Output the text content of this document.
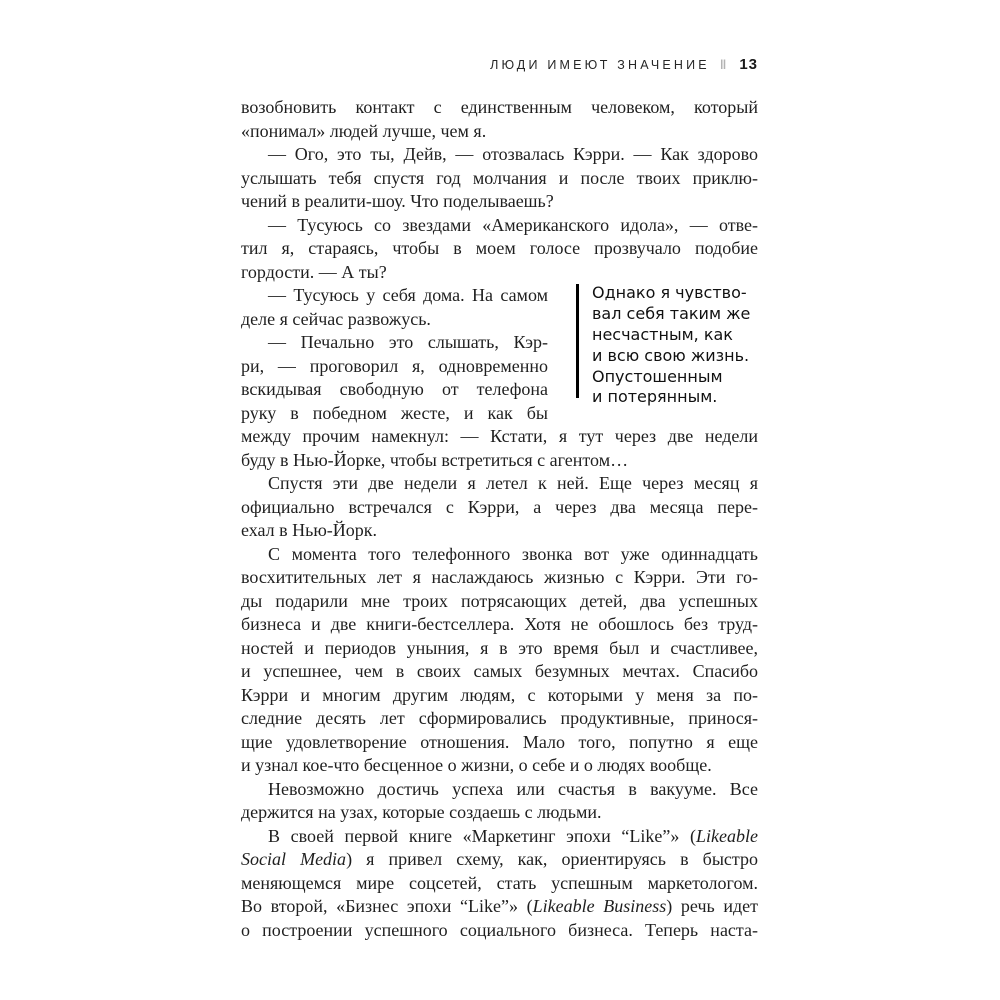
ЛЮДИ ИМЕЮТ ЗНАЧЕНИЕ ‖ 13
возобновить контакт с единственным человеком, который
«понимал» людей лучше, чем я.
— Ого, это ты, Дейв, — отозвалась Кэрри. — Как здорово
услышать тебя спустя год молчания и после твоих приклю-
чений в реалити-шоу. Что поделываешь?
— Тусуюсь со звездами «Американского идола», — отве-
тил я, стараясь, чтобы в моем голосе прозвучало подобие
гордости. — А ты?
— Тусуюсь у себя дома. На самом
деле я сейчас развожусь.
— Печально это слышать, Кэр-
ри, — проговорил я, одновременно
вскидывая свободную от телефона
руку в победном жесте, и как бы
между прочим намекнул: — Кстати, я тут через две недели
буду в Нью-Йорке, чтобы встретиться с агентом…
Спустя эти две недели я летел к ней. Еще через месяц я
официально встречался с Кэрри, а через два месяца пере-
ехал в Нью-Йорк.
С момента того телефонного звонка вот уже одиннадцать
восхитительных лет я наслаждаюсь жизнью с Кэрри. Эти го-
ды подарили мне троих потрясающих детей, два успешных
бизнеса и две книги-бестселлера. Хотя не обошлось без труд-
ностей и периодов уныния, я в это время был и счастливее,
и успешнее, чем в своих самых безумных мечтах. Спасибо
Кэрри и многим другим людям, с которыми у меня за по-
следние десять лет сформировались продуктивные, принося-
щие удовлетворение отношения. Мало того, попутно я еще
и узнал кое-что бесценное о жизни, о себе и о людях вообще.
Невозможно достичь успеха или счастья в вакууме. Все
держится на узах, которые создаешь с людьми.
В своей первой книге «Маркетинг эпохи “Like”» (Likeable
Social Media) я привел схему, как, ориентируясь в быстро
меняющемся мире соцсетей, стать успешным маркетологом.
Во второй, «Бизнес эпохи “Like”» (Likeable Business) речь идет
о построении успешного социального бизнеса. Теперь наста-
Однако я чувство-
вал себя таким же
несчастным, как
и всю свою жизнь.
Опустошенным
и потерянным.
